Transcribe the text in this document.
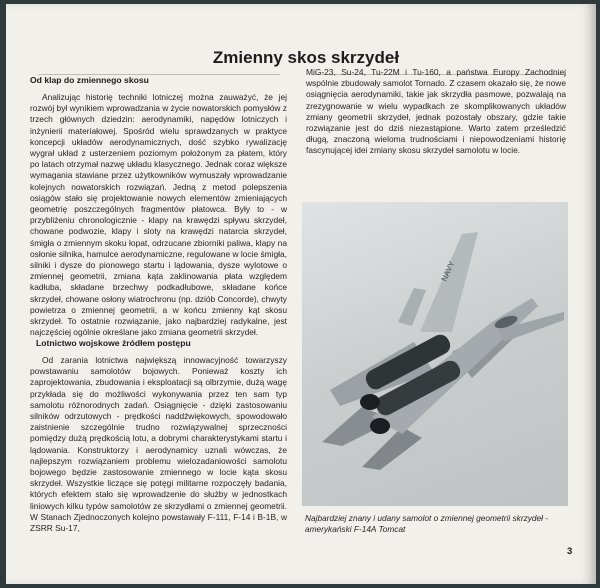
Zmienny skos skrzydeł
Od klap do zmiennego skosu

Analizując historię techniki lotniczej można zauważyć, że jej rozwój był wynikiem wprowadzania w życie nowatorskich pomysłów z trzech głównych dziedzin: aerodynamiki, napędów lotniczych i inżynierii materiałowej. Spośród wielu sprawdzanych w praktyce koncepcji układów aerodynamicznych, dość szybko rywalizację wygrał układ z usterzeniem poziomym położonym za płatem, który po latach otrzymał nazwę układu klasycznego. Jednak coraz większe wymagania stawiane przez użytkowników wymuszały wprowadzanie kolejnych nowatorskich rozwiązań. Jedną z metod polepszenia osiągów stało się projektowanie nowych elementów zmieniających geometrię poszczególnych fragmentów płatowca. Były to - w przybliżeniu chronologicznie - klapy na krawędzi spływu skrzydeł, chowane podwozie, klapy i sloty na krawędzi natarcia skrzydeł, śmigła o zmiennym skoku łopat, odrzucane zbiorniki paliwa, klapy na osłonie silnika, hamulce aerodynamiczne, regulowane w locie śmigła, silniki i dysze do pionowego startu i lądowania, dysze wylotowe o zmiennej geometrii, zmiana kąta zaklinowania płata względem kadłuba, składane brzechwy podkadłubowe, składane końce skrzydeł, chowane osłony wiatrochronu (np. dziób Concorde), chwyty powietrza o zmiennej geometrii, a w końcu zmienny kąt skosu skrzydeł. To ostatnie rozwiązanie, jako najbardziej radykalne, jest najczęściej ogólnie określane jako zmiana geometrii skrzydeł.

Lotnictwo wojskowe źródłem postępu

Od zarania lotnictwa największą innowacyjność towarzyszy powstawaniu samolotów bojowych. Ponieważ koszty ich zaprojektowania, zbudowania i eksploatacji są olbrzymie, dużą wagę przykłada się do możliwości wykonywania przez ten sam typ samolotu różnorodnych zadań. Osiągnięcie - dzięki zastosowaniu silników odrzutowych - prędkości naddźwiękowych, spowodowało zaistnienie szczególnie trudno rozwiązywalnej sprzeczności pomiędzy dużą prędkością lotu, a dobrymi charakterystykami startu i lądowania. Konstruktorzy i aerodynamicy uznali wówczas, że najlepszym rozwiązaniem problemu wielozadaniowości samolotu bojowego będzie zastosowanie zmiennego w locie kąta skosu skrzydeł. Wszystkie liczące się potęgi militarne rozpoczęły badania, których efektem stało się wprowadzenie do służby w jednostkach liniowych kilku typów samolotów ze skrzydłami o zmiennej geometrii. W Stanach Zjednoczonych kolejno powstawały F-111, F-14 i B-1B, w ZSRR Su-17,

MiG-23, Su-24, Tu-22M i Tu-160, a państwa Europy Zachodniej wspólnie zbudowały samolot Tornado. Z czasem okazało się, że nowe osiągnięcia aerodynamiki, takie jak skrzydła pasmowe, pozwalają na zrezygnowanie w wielu wypadkach ze skomplikowanych układów zmiany geometrii skrzydeł, jednak pozostały obszary, gdzie takie rozwiązanie jest do dziś niezastąpione. Warto zatem prześledzić długą, znaczoną wieloma trudnościami i niepowodzeniami historię fascynującej idei zmiany skosu skrzydeł samolotu w locie.

NAVY
Najbardziej znany i udany samolot o zmiennej geometrii skrzydeł - amerykański F-14A Tomcat
3
